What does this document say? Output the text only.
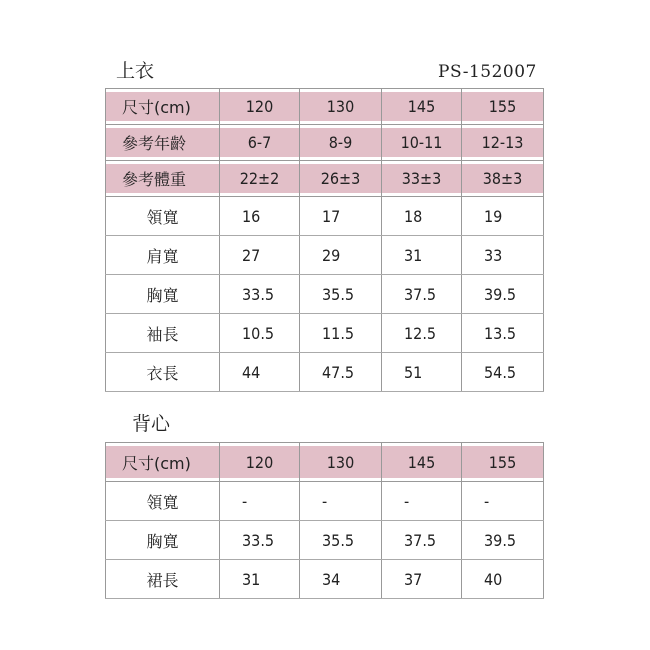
上衣	PS-152007
尺寸(cm)	120	130	145	155
參考年齡	6-7	8-9	10-11	12-13
參考體重	22±2	26±3	33±3	38±3
領寬	16	17	18	19
肩寬	27	29	31	33
胸寬	33.5	35.5	37.5	39.5
袖長	10.5	11.5	12.5	13.5
衣長	44	47.5	51	54.5
背心
尺寸(cm)	120	130	145	155
領寬	-	-	-	-
胸寬	33.5	35.5	37.5	39.5
裙長	31	34	37	40
